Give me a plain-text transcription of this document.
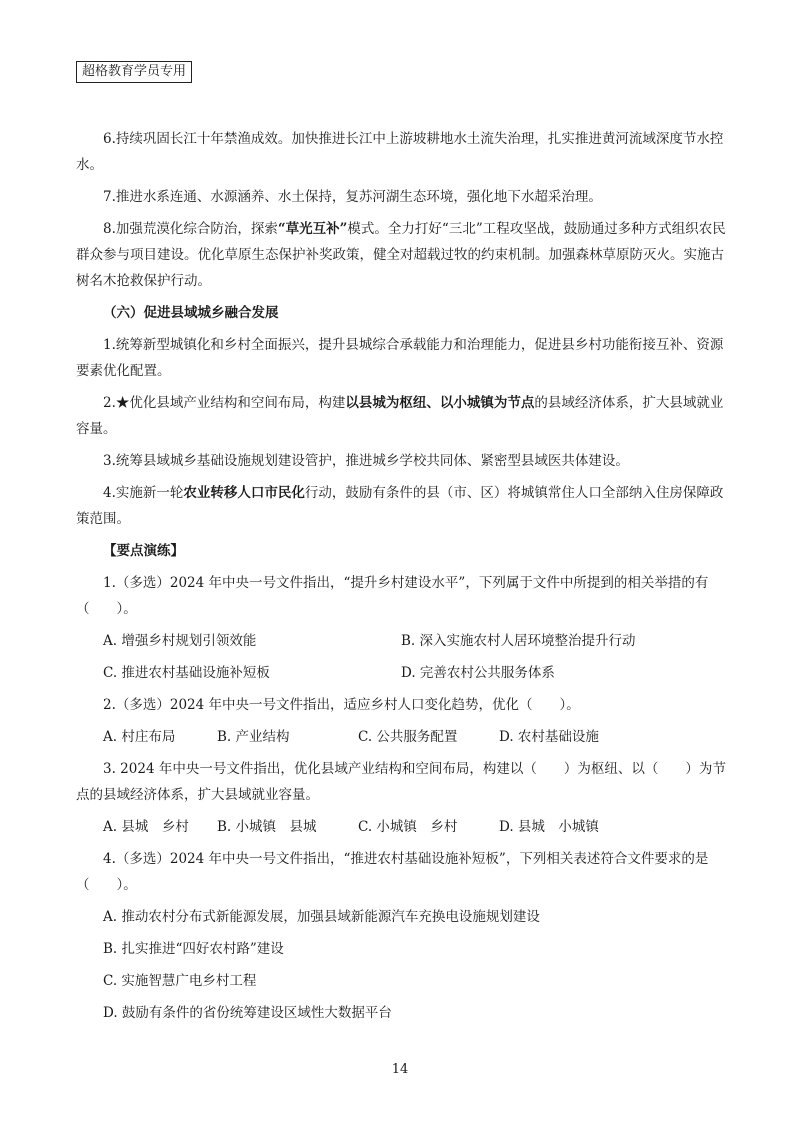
超格教育学员专用

6.持续巩固长江十年禁渔成效。加快推进长江中上游坡耕地水土流失治理，扎实推进黄河流域深度节水控水。

7.推进水系连通、水源涵养、水土保持，复苏河湖生态环境，强化地下水超采治理。

8.加强荒漠化综合防治，探索“草光互补”模式。全力打好“三北”工程攻坚战，鼓励通过多种方式组织农民群众参与项目建设。优化草原生态保护补奖政策，健全对超载过牧的约束机制。加强森林草原防灭火。实施古树名木抢救保护行动。

（六）促进县域城乡融合发展

1.统筹新型城镇化和乡村全面振兴，提升县城综合承载能力和治理能力，促进县乡村功能衔接互补、资源要素优化配置。

2.★优化县域产业结构和空间布局，构建以县城为枢纽、以小城镇为节点的县域经济体系，扩大县域就业容量。

3.统筹县域城乡基础设施规划建设管护，推进城乡学校共同体、紧密型县域医共体建设。

4.实施新一轮农业转移人口市民化行动，鼓励有条件的县（市、区）将城镇常住人口全部纳入住房保障政策范围。

【要点演练】

1.（多选）2024 年中央一号文件指出，“提升乡村建设水平”，下列属于文件中所提到的相关举措的有（　　）。

A. 增强乡村规划引领效能	B. 深入实施农村人居环境整治提升行动
C. 推进农村基础设施补短板	D. 完善农村公共服务体系

2.（多选）2024 年中央一号文件指出，适应乡村人口变化趋势，优化（　　）。

A. 村庄布局	B. 产业结构	C. 公共服务配置	D. 农村基础设施

3. 2024 年中央一号文件指出，优化县域产业结构和空间布局，构建以（　　）为枢纽、以（　　）为节点的县域经济体系，扩大县域就业容量。

A. 县城　乡村	B. 小城镇　县城	C. 小城镇　乡村	D. 县城　小城镇

4.（多选）2024 年中央一号文件指出，“推进农村基础设施补短板”，下列相关表述符合文件要求的是（　　）。

A. 推动农村分布式新能源发展，加强县域新能源汽车充换电设施规划建设
B. 扎实推进“四好农村路”建设
C. 实施智慧广电乡村工程
D. 鼓励有条件的省份统筹建设区域性大数据平台
14
